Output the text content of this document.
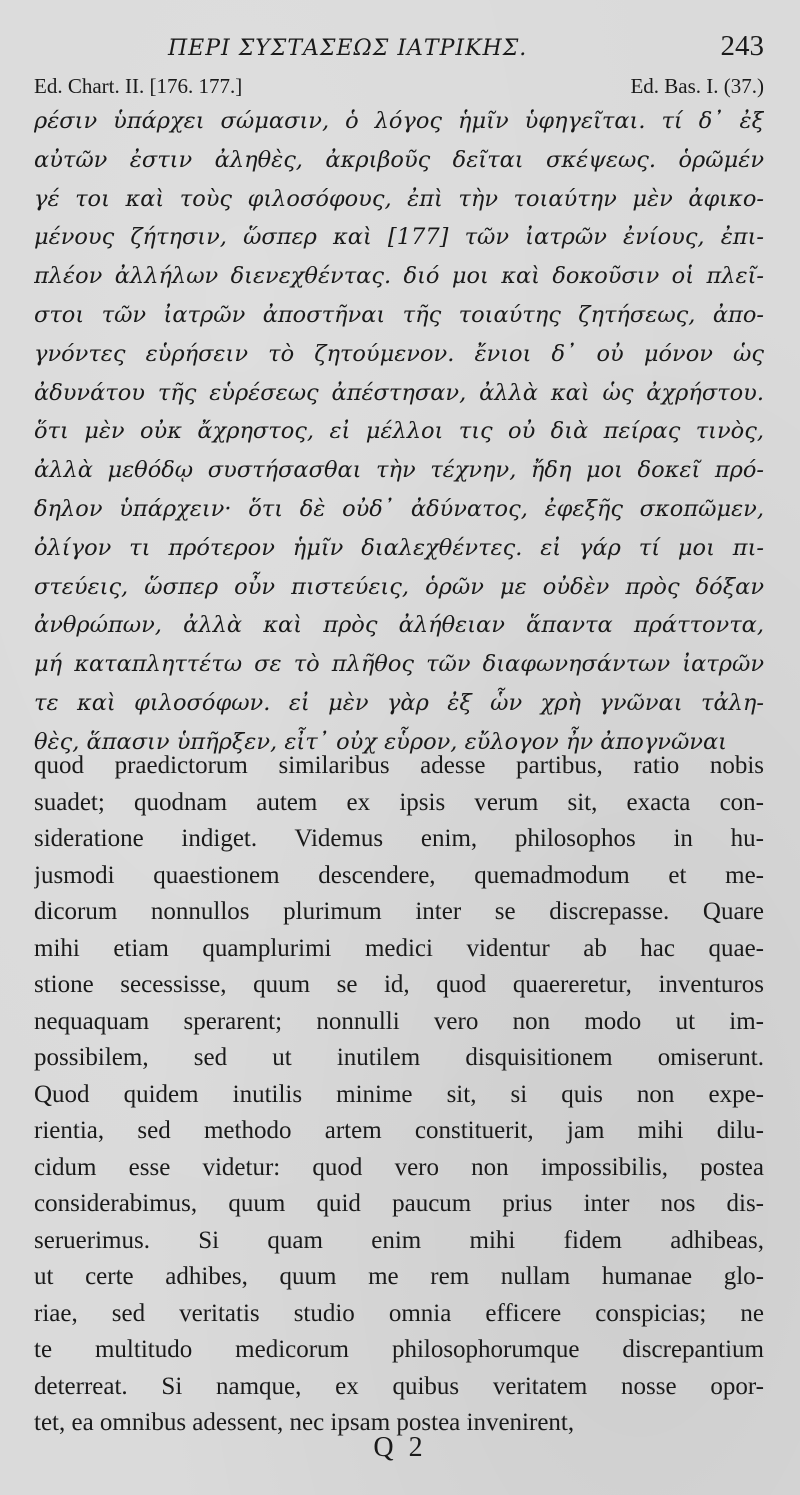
ΠΕΡΙ ΣΥΣΤΑΣΕΩΣ ΙΑΤΡΙΚΗΣ.	243
Ed. Chart. II. [176. 177.]	Ed. Bas. I. (37.)
ρέσιν ὑπάρχει σώμασιν, ὁ λόγος ἡμῖν ὑφηγεῖται. τί δ᾽ ἐξ
αὐτῶν ἐστιν ἀληθὲς, ἀκριβοῦς δεῖται σκέψεως. ὁρῶμέν
γέ τοι καὶ τοὺς φιλοσόφους, ἐπὶ τὴν τοιαύτην μὲν ἀφικο-
μένους ζήτησιν, ὥσπερ καὶ [177] τῶν ἰατρῶν ἐνίους, ἐπι-
πλέον ἀλλήλων διενεχθέντας. διό μοι καὶ δοκοῦσιν οἱ πλεῖ-
στοι τῶν ἰατρῶν ἀποστῆναι τῆς τοιαύτης ζητήσεως, ἀπο-
γνόντες εὑρήσειν τὸ ζητούμενον. ἔνιοι δ᾽ οὐ μόνον ὡς
ἀδυνάτου τῆς εὑρέσεως ἀπέστησαν, ἀλλὰ καὶ ὡς ἀχρήστου.
ὅτι μὲν οὐκ ἄχρηστος, εἰ μέλλοι τις οὐ διὰ πείρας τινὸς,
ἀλλὰ μεθόδῳ συστήσασθαι τὴν τέχνην, ἤδη μοι δοκεῖ πρό-
δηλον ὑπάρχειν· ὅτι δὲ οὐδ᾽ ἀδύνατος, ἐφεξῆς σκοπῶμεν,
ὀλίγον τι πρότερον ἡμῖν διαλεχθέντες. εἰ γάρ τί μοι πι-
στεύεις, ὥσπερ οὖν πιστεύεις, ὁρῶν με οὐδὲν πρὸς δόξαν
ἀνθρώπων, ἀλλὰ καὶ πρὸς ἀλήθειαν ἅπαντα πράττοντα,
μή καταπληττέτω σε τὸ πλῆθος τῶν διαφωνησάντων ἰατρῶν
τε καὶ φιλοσόφων. εἰ μὲν γὰρ ἐξ ὧν χρὴ γνῶναι τἀλη-
θὲς, ἅπασιν ὑπῆρξεν, εἶτ᾽ οὐχ εὗρον, εὔλογον ἦν ἀπογνῶναι
quod praedictorum similaribus adesse partibus, ratio nobis
suadet; quodnam autem ex ipsis verum sit, exacta con-
sideratione indiget. Videmus enim, philosophos in hu-
jusmodi quaestionem descendere, quemadmodum et me-
dicorum nonnullos plurimum inter se discrepasse. Quare
mihi etiam quamplurimi medici videntur ab hac quae-
stione secessisse, quum se id, quod quaereretur, inventuros
nequaquam sperarent; nonnulli vero non modo ut im-
possibilem, sed ut inutilem disquisitionem omiserunt.
Quod quidem inutilis minime sit, si quis non expe-
rientia, sed methodo artem constituerit, jam mihi dilu-
cidum esse videtur: quod vero non impossibilis, postea
considerabimus, quum quid paucum prius inter nos dis-
seruerimus. Si quam enim mihi fidem adhibeas,
ut certe adhibes, quum me rem nullam humanae glo-
riae, sed veritatis studio omnia efficere conspicias; ne
te multitudo medicorum philosophorumque discrepantium
deterreat. Si namque, ex quibus veritatem nosse opor-
tet, ea omnibus adessent, nec ipsam postea invenirent,
Q 2
